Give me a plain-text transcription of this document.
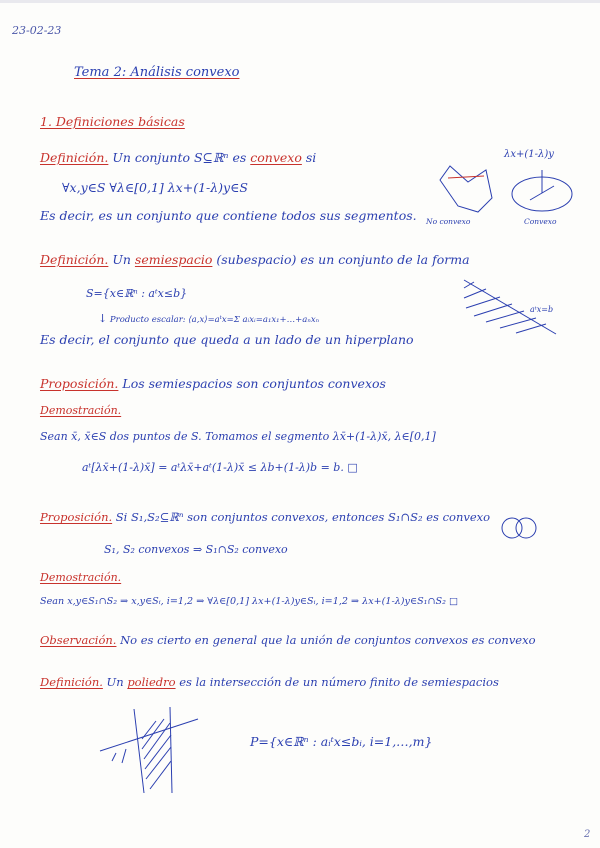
23-02-23
Tema 2: Análisis convexo
1. Definiciones básicas
Definición. Un conjunto S⊆ℝⁿ es convexo si
∀x,y∈S ∀λ∈[0,1] λx+(1-λ)y∈S
Es decir, es un conjunto que contiene todos sus segmentos.
λx+(1-λ)y
No convexo	Convexo
Definición. Un semiespacio (subespacio) es un conjunto de la forma
S={x∈ℝⁿ : aᵗx≤b}
↓ Producto escalar: ⟨a,x⟩=aᵗx=Σ aᵢxᵢ=a₁x₁+…+aₙxₙ
Es decir, el conjunto que queda a un lado de un hiperplano
aᵗx=b
Proposición. Los semiespacios son conjuntos convexos
Demostración.
Sean x̄, x̄∈S dos puntos de S. Tomamos el segmento λx̄+(1-λ)x̄, λ∈[0,1]
aᵗ[λx̄+(1-λ)x̄] = aᵗλx̄+aᵗ(1-λ)x̄ ≤ λb+(1-λ)b = b. □
Proposición. Si S₁,S₂⊆ℝⁿ son conjuntos convexos, entonces S₁∩S₂ es convexo
S₁, S₂ convexos ⇒ S₁∩S₂ convexo
Demostración.
Sean x,y∈S₁∩S₂ ⇒ x,y∈Sᵢ, i=1,2 ⇒ ∀λ∈[0,1] λx+(1-λ)y∈Sᵢ, i=1,2 ⇒ λx+(1-λ)y∈S₁∩S₂ □
Observación. No es cierto en general que la unión de conjuntos convexos es convexo
Definición. Un poliedro es la intersección de un número finito de semiespacios
P={x∈ℝⁿ : aᵢᵗx≤bᵢ, i=1,…,m}
2
